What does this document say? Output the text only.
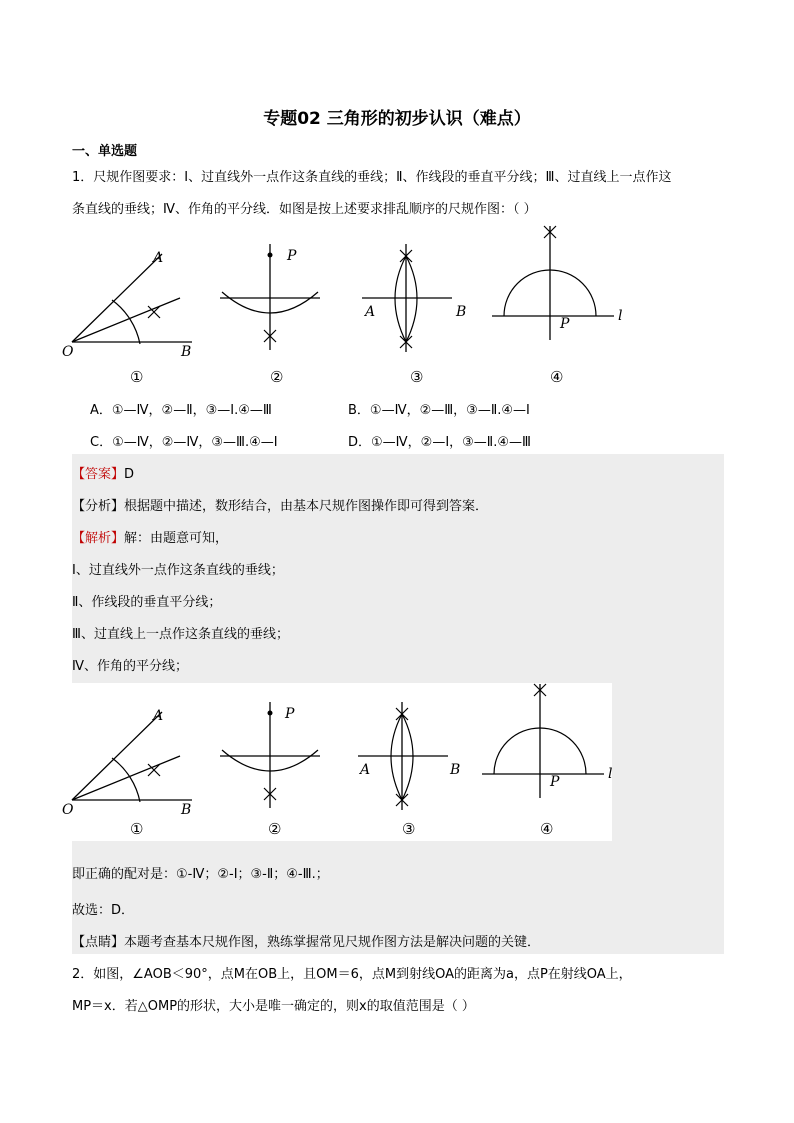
专题02 三角形的初步认识（难点）
一、单选题
1．尺规作图要求：Ⅰ、过直线外一点作这条直线的垂线；Ⅱ、作线段的垂直平分线；Ⅲ、过直线上一点作这
条直线的垂线；Ⅳ、作角的平分线．如图是按上述要求排乱顺序的尺规作图：（ ）
A
B
O
P
A	B
P	l
①	②	③	④
A．①—Ⅳ，②—Ⅱ，③—Ⅰ.④—Ⅲ	B．①—Ⅳ，②—Ⅲ，③—Ⅱ.④—Ⅰ
C．①—Ⅳ，②—Ⅳ，③—Ⅲ.④—Ⅰ	D．①—Ⅳ，②—Ⅰ，③—Ⅱ.④—Ⅲ
【答案】D
【分析】根据题中描述，数形结合，由基本尺规作图操作即可得到答案．
【解析】解：由题意可知，
Ⅰ、过直线外一点作这条直线的垂线；
Ⅱ、作线段的垂直平分线；
Ⅲ、过直线上一点作这条直线的垂线；
Ⅳ、作角的平分线；
A
B
O
P
A	B
P	l
①	②	③	④
即正确的配对是：①-Ⅳ；②-Ⅰ；③-Ⅱ；④-Ⅲ.；
故选：D．
【点睛】本题考查基本尺规作图，熟练掌握常见尺规作图方法是解决问题的关键．
2．如图，∠AOB＜90°，点M在OB上，且OM＝6，点M到射线OA的距离为a，点P在射线OA上，
MP＝x．若△OMP的形状，大小是唯一确定的，则x的取值范围是（ ）
